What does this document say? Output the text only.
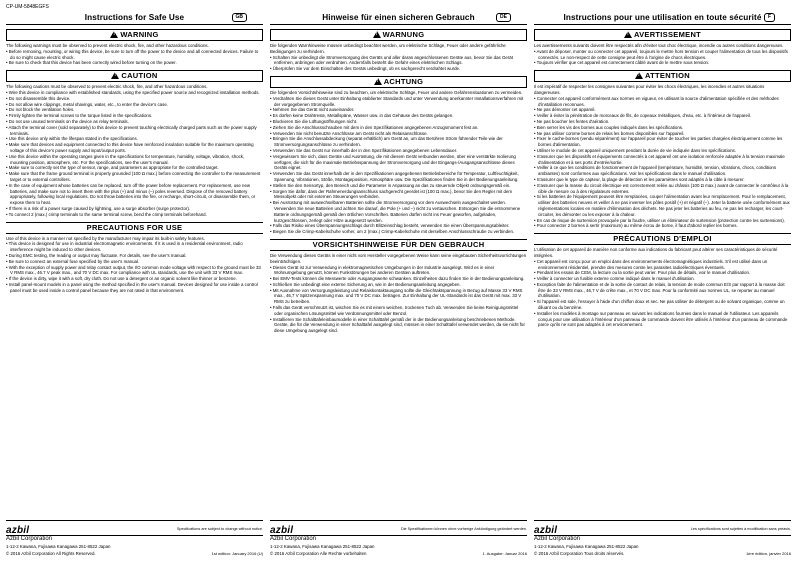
CP-UM-5848EGFS
Instructions for Safe Use	GB
!WARNING
The following warnings must be observed to prevent electric shock, fire, and other hazardous conditions.
• Before removing, mounting, or wiring this device, be sure to turn off the power to the device and all connected devices. Failure to do so might cause electric shock.
• Be sure to check that this device has been correctly wired before turning on the power.
!CAUTION
The following cautions must be observed to prevent electric shock, fire, and other hazardous conditions.
• Wire this device in compliance with established standards, using the specified power source and recognized installation methods.
• Do not disassemble this device.
• Do not allow wire clippings, metal shavings, water, etc., to enter the device's case.
• Do not block the ventilation holes.
• Firmly tighten the terminal screws to the torque listed in the specifications.
• Do not use unused terminals on the device as relay terminals.
• Attach the terminal cover (sold separately) to this device to prevent touching electrically charged parts such as the power supply terminals.
• Use this device only within the lifespan stated in the specifications.
• Make sure that devices and equipment connected to this device have reinforced insulation suitable for the maximum operating voltage of this device's power supply and input/output ports.
• Use this device within the operating ranges given in the specifications for temperature, humidity, voltage, vibration, shock, mounting position, atmosphere, etc. For the specifications, see the user's manual.
• Make sure to correctly set the type of sensor, range, and parameters as appropriate for the controlled target.
• Make sure that the frame ground terminal is properly grounded (100 Ω max.) before connecting the controller to the measurement target or to external controllers.
• In the case of equipment whose batteries can be replaced, turn off the power before replacement. For replacement, use new batteries, and make sure not to insert them with the plus (+) and minus (–) poles reversed. Dispose of the removed battery appropriately, following local regulations. Do not throw batteries into the fire, or recharge, short-circuit, or disassemble them, or expose them to heat.
• If there is a risk of a power surge caused by lightning, use a surge absorber (surge protector).
• To connect 2 (max.) crimp terminals to the same terminal screw, bend the crimp terminals beforehand.
PRECAUTIONS FOR USE
Use of this device in a manner not specified by the manufacturer may impair its built-in safety features.
• This device is designed for use in industrial electromagnetic environments. If it is used in a residential environment, radio interference might be induced to other devices.
• During EMC testing, the reading or output may fluctuate. For details, see the user's manual.
• Be sure to connect an external fuse specified by the user's manual.
• With the exception of supply power and relay contact output, the I/O common mode voltage with respect to the ground must be 33 V RMS max., 46.7 V peak max., and 70 V DC max. For compliance with UL standards, use the unit with 33 V RMS max.
• If the device is dirty, wipe it with a soft, dry cloth. Do not use a detergent or an organic solvent like thinner or benzene.
• Install panel-mount models in a panel using the method specified in the user's manual. Devices designed for use inside a control panel must be used inside a control panel because they are not rated in that environment.
azbil	Specifications are subject to change without notice.
Azbil Corporation
1-12-2 Kawana, Fujisawa Kanagawa 251-8522 Japan
© 2016 Azbil Corporation All Rights Reserved.	1st edition: January 2016 (U)
Hinweise für einen sicheren Gebrauch	DE
!WARNUNG
Die folgenden Warnhinweise müssen unbedingt beachtet werden, um elektrische Schläge, Feuer oder andere gefährliche Bedingungen zu verhindern.
• Schalten Sie unbedingt die Stromversorgung des Geräts und aller daran angeschlossenen Geräte aus, bevor Sie das Gerät entfernen, anbringen oder verdrahten. Andernfalls besteht die Gefahr eines elektrischen Schlags.
• Überprüfen Sie vor dem Einschalten des Geräts unbedingt, ob es sachgerecht verdrahtet wurde.
!ACHTUNG
Die folgenden Vorsichtshinweise sind zu beachten, um elektrische Schläge, Feuer und andere Gefahrensituationen zu vermeiden.
• Verdrahten Sie dieses Gerät unter Einhaltung etablierter Standards und unter Verwendung anerkannter Installationsverfahren mit der vorgegebenen Stromquelle.
• Nehmen Sie das Gerät nicht auseinander.
• Es dürfen keine Drahtreste, Metallspäne, Wasser usw. in das Gehäuse des Geräts gelangen.
• Blockieren Sie die Lüftungsöffnungen nicht.
• Ziehen Sie die Anschlussschrauben mit dem in den Spezifikationen angegebenen Anzugsmoment fest an.
• Verwenden Sie nicht benutzte Anschlüsse am Gerät nicht als Relaisanschlüsse.
• Bringen Sie die Anschlussabdeckung (separat erhältlich) am Gerät an, um das Berühren Strom führender Teile wie der Stromversorgungsanschlüsse zu verhindern.
• Verwenden Sie das Gerät nur innerhalb der in den Spezifikationen angegebenen Lebensdauer.
• Vergewissern Sie sich, dass Geräte und Ausrüstung, die mit diesem Gerät verbunden werden, über eine verstärkte Isolierung verfügen, die sich für die maximale Betriebsspannung der Stromversorgung und der Eingangs-/Ausgangsanschlüsse dieses Geräts eignet.
• Verwenden Sie das Gerät innerhalb der in den Spezifikationen angegebenen Betriebsbereiche für Temperatur, Luftfeuchtigkeit, Spannung, Vibrationen, Stöße, Montageposition, Atmosphäre usw. Die Spezifikationen finden Sie in der Bedienungsanleitung.
• Stellen Sie den Sensortyp, den Bereich und die Parameter in Anpassung an das zu steuernde Objekt ordnungsgemäß ein.
• Sorgen Sie dafür, dass der Rahmenerdungsanschluss sachgerecht geerdet ist (100 Ω max.), bevor Sie den Regler mit dem Messobjekt oder mit externen Steuerungen verbinden.
• Bei Ausrüstung mit auswechselbaren Batterien sollte die Stromversorgung vor dem Auswechseln ausgeschaltet werden. Verwenden Sie neue Batterien und achten Sie darauf, die Pole (+ und –) nicht zu vertauschen. Entsorgen Sie die entnommene Batterie ordnungsgemäß gemäß den örtlichen Vorschriften. Batterien dürfen nicht ins Feuer geworfen, aufgeladen, kurzgeschlossen, zerlegt oder Hitze ausgesetzt werden.
• Falls das Risiko eines Überspannungsschlags durch Blitzeinschlag besteht, verwenden Sie einen Überspannungsableiter.
• Biegen Sie die Crimp-Kabelschuhe vorher, um 2 (max.) Crimp-Kabelschuhe mit derselben Anschlussschraube zu verbinden.
VORSICHTSHINWEISE FÜR DEN GEBRAUCH
Die Verwendung dieses Geräts in einer nicht vom Hersteller vorgegebenen Weise kann seine eingebauten Sicherheitsvorrichtungen beeinträchtigen.
• Dieses Gerät ist zur Verwendung in elektromagnetischen Umgebungen in der Industrie ausgelegt. Wird es in einer Wohnumgebung genutzt, können Funkstörungen bei anderen Geräten auftreten.
• Bei EMV-Tests können die Messwerte oder Ausgangswerte schwanken. Einzelheiten dazu finden Sie in der Bedienungsanleitung.
• Schließen Sie unbedingt eine externe Sicherung an, wie in der Bedienungsanleitung angegeben.
• Mit Ausnahme von Versorgungsleistung und Relaiskontaktausgang sollte die Gleichtaktspannung in Bezug auf Masse 33 V RMS max., 46,7 V Spitzenspannung max. und 70 V DC max. betragen. Zur Einhaltung der UL-Standards ist das Gerät mit max. 33 V RMS zu betreiben.
• Falls das Gerät verschmutzt ist, wischen Sie es mit einem weichen, trockenen Tuch ab. Verwenden Sie keine Reinigungsmittel oder organischen Lösungsmittel wie Verdünnungsmittel oder Benzol.
• Installieren Sie Schalttafeleinbaumodelle in einer Schalttafel gemäß der in der Bedienungsanleitung beschriebenen Methode. Geräte, die für die Verwendung in einer Schalttafel ausgelegt sind, müssen in einer Schalttafel verwendet werden, da sie nicht für diese Umgebung ausgelegt sind.
azbil	Die Spezifikationen können ohne vorherige Ankündigung geändert werden.
Azbil Corporation
1-12-2 Kawana, Fujisawa Kanagawa 251-8522 Japan
© 2016 Azbil Corporation Alle Rechte vorbehalten	1. Ausgabe: Januar 2016
Instructions pour une utilisation en toute sécurité	F
!AVERTISSEMENT
Les avertissements suivants doivent être respectés afin d'éviter tout choc électrique, incendie ou autres conditions dangereuses.
• Avant de déposer, monter ou connecter cet appareil, toujours le mettre hors tension et couper l'alimentation de tous les dispositifs connectés. Le non-respect de cette consigne peut être à l'origine de chocs électriques.
• Toujours vérifier que cet appareil est correctement câblé avant de le mettre sous tension.
!ATTENTION
Il est impératif de respecter les consignes suivantes pour éviter les chocs électriques, les incendies et autres situations dangereuses.
• Connecter cet appareil conformément aux normes en vigueur, en utilisant la source d'alimentation spécifiée et des méthodes d'installation reconnues.
• Ne pas démonter cet appareil.
• Veiller à éviter la pénétration de morceaux de fils, de copeaux métalliques, d'eau, etc. à l'intérieur de l'appareil.
• Ne pas boucher les fentes d'aération.
• Bien serrer les vis des bornes aux couples indiqués dans les spécifications.
• Ne pas utiliser comme bornes de relais les bornes disponibles sur l'appareil.
• Fixer le cache-bornes (vendu séparément) sur l'appareil pour éviter de toucher les parties chargées électriquement comme les bornes d'alimentation.
• Utiliser le module de cet appareil uniquement pendant la durée de vie indiquée dans les spécifications.
• S'assurer que les dispositifs et équipements connectés à cet appareil ont une isolation renforcée adaptée à la tension maximale d'alimentation et à ses ports d'entrée/sortie.
• Veiller à ce que les conditions de fonctionnement de l'appareil (température, humidité, tension, vibrations, chocs, conditions ambiantes) sont conformes aux spécifications. Voir les spécifications dans le manuel d'utilisation.
• S'assurer que le type de capteur, la plage de détection et les paramètres sont adaptés à la cible à mesurer.
• S'assurer que la masse du circuit électrique est correctement reliée au châssis (100 Ω max.) avant de connecter le contrôleur à la cible de mesure ou à des régulateurs externes.
• Si les batteries de l'équipement peuvent être remplacées, couper l'alimentation avant leur remplacement. Pour le remplacement, utiliser des batteries neuves et veiller à ne pas inverser les pôles positif (+) et négatif (–). Jeter la batterie usée conformément aux réglementations locales en matière d'élimination des déchets. Ne pas jeter les batteries au feu, ne pas les recharger, les court-circuiter, les démonter ou les exposer à la chaleur.
• En cas de risque de surtension provoquée par la foudre, utiliser un éliminateur de surtension (protection contre les surtensions).
• Pour connecter 2 bornes à sertir (maximum) au même écrou de borne, il faut d'abord replier les bornes.
PRÉCAUTIONS D'EMPLOI
L'utilisation de cet appareil de manière non conforme aux indications du fabricant peut altérer ses caractéristiques de sécurité intégrées.
• Cet appareil est conçu pour un emploi dans des environnements électromagnétiques industriels. S'il est utilisé dans un environnement résidentiel, prendre des mesures contre les parasites radioélectriques éventuels.
• Pendant les essais de CEM, la lecture ou la sortie peut varier. Pour plus de détails, voir le manuel d'utilisation.
• Veiller à connecter un fusible externe comme indiqué dans le manuel d'utilisation.
• Exception faite de l'alimentation et de la sortie de contact de relais, la tension de mode commun E/S par rapport à la masse doit être de 33 V RMS max., 46,7 V de crête max., et 70 V DC max. Pour la conformité aux normes UL, se reporter au manuel d'utilisation.
• Si l'appareil est sale, l'essuyer à l'aide d'un chiffon doux et sec. Ne pas utiliser de détergent ou de solvant organique, comme un diluant ou du benzène.
• Installer les modèles à montage sur panneau en suivant les indications fournies dans le manuel de l'utilisateur. Les appareils conçus pour une utilisation à l'intérieur d'un panneau de commande doivent être utilisés à l'intérieur d'un panneau de commande parce qu'ils ne sont pas adaptés à cet environnement.
azbil	Les spécifications sont sujettes à modification sans préavis.
Azbil Corporation
1-12-2 Kawana, Fujisawa Kanagawa 251-8522 Japan
© 2016 Azbil Corporation Tous droits réservés.	1ère édition, janvier 2016
